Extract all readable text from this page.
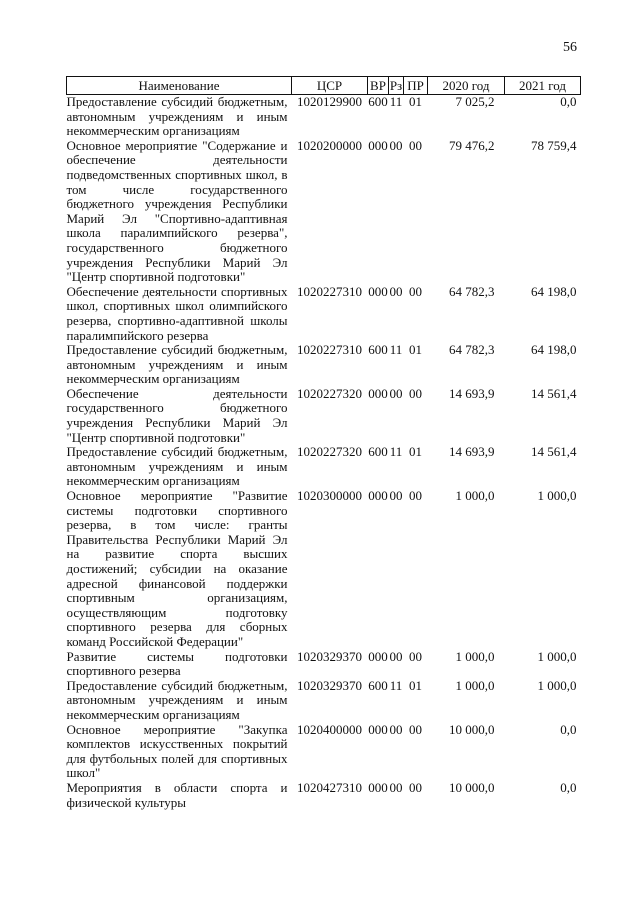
56
Наименование	ЦСР	ВР	Рз	ПР	2020 год	2021 год
Предоставление субсидий бюджетным, автономным учреждениям и иным некоммерческим организациям	1020129900	600	11	01	7 025,2	0,0
Основное мероприятие "Содержание и обеспечение деятельности подведомственных спортивных школ, в том числе государственного бюджетного учреждения Республики Марий Эл "Спортивно-адаптивная школа паралимпийского резерва", государственного бюджетного учреждения Республики Марий Эл "Центр спортивной подготовки"	1020200000	000	00	00	79 476,2	78 759,4
Обеспечение деятельности спортивных школ, спортивных школ олимпийского резерва, спортивно-адаптивной школы паралимпийского резерва	1020227310	000	00	00	64 782,3	64 198,0
Предоставление субсидий бюджетным, автономным учреждениям и иным некоммерческим организациям	1020227310	600	11	01	64 782,3	64 198,0
Обеспечение деятельности государственного бюджетного учреждения Республики Марий Эл "Центр спортивной подготовки"	1020227320	000	00	00	14 693,9	14 561,4
Предоставление субсидий бюджетным, автономным учреждениям и иным некоммерческим организациям	1020227320	600	11	01	14 693,9	14 561,4
Основное мероприятие "Развитие системы подготовки спортивного резерва, в том числе: гранты Правительства Республики Марий Эл на развитие спорта высших достижений; субсидии на оказание адресной финансовой поддержки спортивным организациям, осуществляющим подготовку спортивного резерва для сборных команд Российской Федерации"	1020300000	000	00	00	1 000,0	1 000,0
Развитие системы подготовки спортивного резерва	1020329370	000	00	00	1 000,0	1 000,0
Предоставление субсидий бюджетным, автономным учреждениям и иным некоммерческим организациям	1020329370	600	11	01	1 000,0	1 000,0
Основное мероприятие "Закупка комплектов искусственных покрытий для футбольных полей для спортивных школ"	1020400000	000	00	00	10 000,0	0,0
Мероприятия в области спорта и физической культуры	1020427310	000	00	00	10 000,0	0,0
